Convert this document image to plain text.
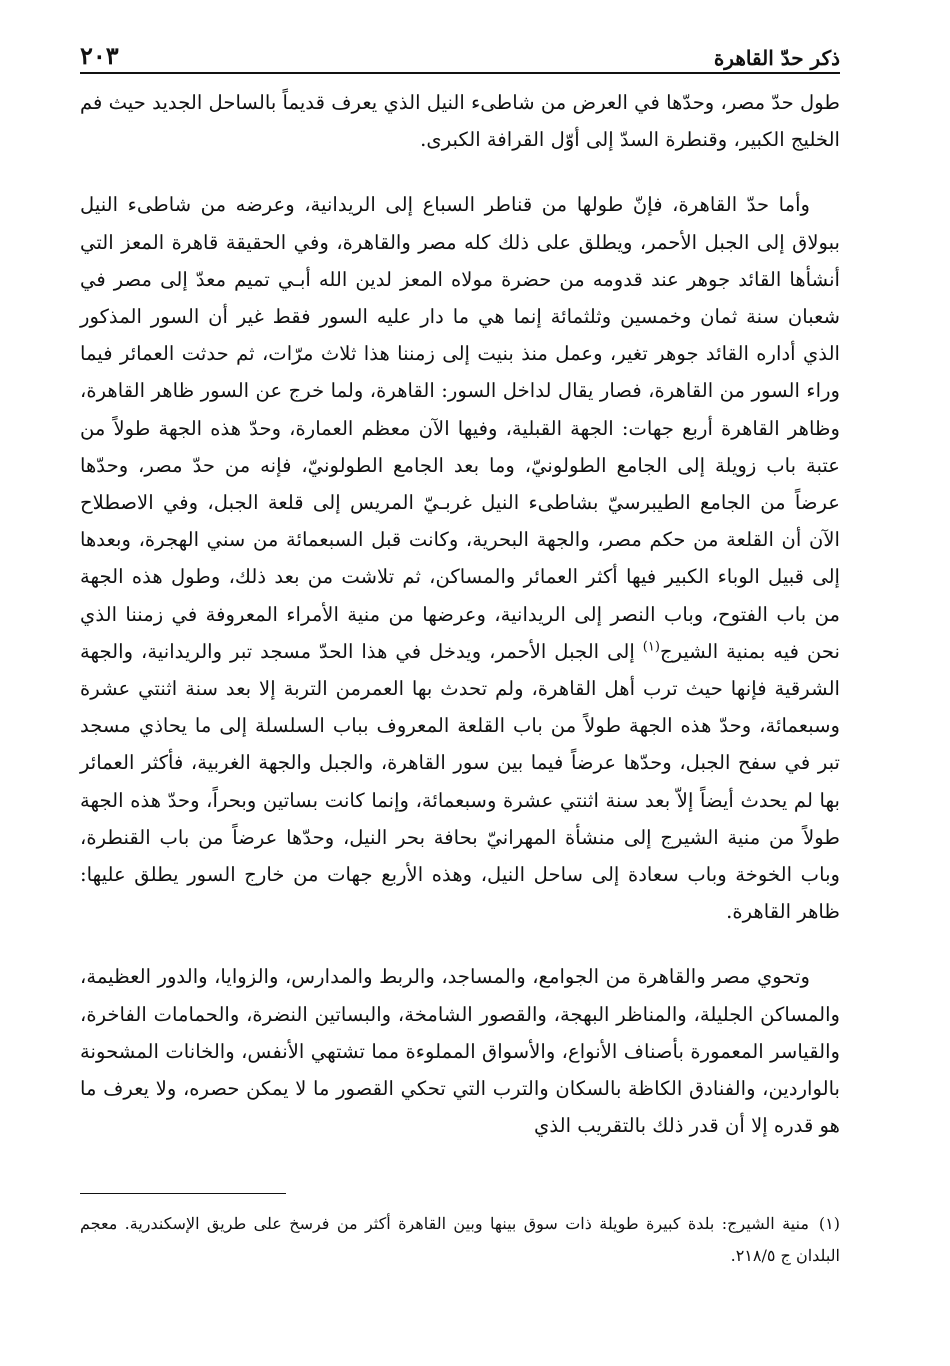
ذكر حدّ القاهرة
٢٠٣

طول حدّ مصر، وحدّها في العرض من شاطىء النيل الذي يعرف قديماً بالساحل الجديد حيث فم الخليج الكبير، وقنطرة السدّ إلى أوّل القرافة الكبرى.

وأما حدّ القاهرة، فإنّ طولها من قناطر السباع إلى الريدانية، وعرضه من شاطىء النيل ببولاق إلى الجبل الأحمر، ويطلق على ذلك كله مصر والقاهرة، وفي الحقيقة قاهرة المعز التي أنشأها القائد جوهر عند قدومه من حضرة مولاه المعز لدين الله أبـي تميم معدّ إلى مصر في شعبان سنة ثمان وخمسين وثلثمائة إنما هي ما دار عليه السور فقط غير أن السور المذكور الذي أداره القائد جوهر تغير، وعمل منذ بنيت إلى زمننا هذا ثلاث مرّات، ثم حدثت العمائر فيما وراء السور من القاهرة، فصار يقال لداخل السور: القاهرة، ولما خرج عن السور ظاهر القاهرة، وظاهر القاهرة أربع جهات: الجهة القبلية، وفيها الآن معظم العمارة، وحدّ هذه الجهة طولاً من عتبة باب زويلة إلى الجامع الطولونيّ، وما بعد الجامع الطولونيّ، فإنه من حدّ مصر، وحدّها عرضاً من الجامع الطيبرسيّ بشاطىء النيل غربـيّ المريس إلى قلعة الجبل، وفي الاصطلاح الآن أن القلعة من حكم مصر، والجهة البحرية، وكانت قبل السبعمائة من سني الهجرة، وبعدها إلى قبيل الوباء الكبير فيها أكثر العمائر والمساكن، ثم تلاشت من بعد ذلك، وطول هذه الجهة من باب الفتوح، وباب النصر إلى الريدانية، وعرضها من منية الأمراء المعروفة في زمننا الذي نحن فيه بمنية الشيرج$^{(١)}$ إلى الجبل الأحمر، ويدخل في هذا الحدّ مسجد تبر والريدانية، والجهة الشرقية فإنها حيث ترب أهل القاهرة، ولم تحدث بها العمرمن التربة إلا بعد سنة اثنتي عشرة وسبعمائة، وحدّ هذه الجهة طولاً من باب القلعة المعروف بباب السلسلة إلى ما يحاذي مسجد تبر في سفح الجبل، وحدّها عرضاً فيما بين سور القاهرة، والجبل والجهة الغربية، فأكثر العمائر بها لم يحدث أيضاً إلاّ بعد سنة اثنتي عشرة وسبعمائة، وإنما كانت بساتين وبحراً، وحدّ هذه الجهة طولاً من منية الشيرج إلى منشأة المهرانيّ بحافة بحر النيل، وحدّها عرضاً من باب القنطرة، وباب الخوخة وباب سعادة إلى ساحل النيل، وهذه الأربع جهات من خارج السور يطلق عليها: ظاهر القاهرة.

وتحوي مصر والقاهرة من الجوامع، والمساجد، والربط والمدارس، والزوايا، والدور العظيمة، والمساكن الجليلة، والمناظر البهجة، والقصور الشامخة، والبساتين النضرة، والحمامات الفاخرة، والقياسر المعمورة بأصناف الأنواع، والأسواق المملوءة مما تشتهي الأنفس، والخانات المشحونة بالواردين، والفنادق الكاظة بالسكان والترب التي تحكي القصور ما لا يمكن حصره، ولا يعرف ما هو قدره إلا أن قدر ذلك بالتقريب الذي

(١)منية الشيرج: بلدة كبيرة طويلة ذات سوق بينها وبين القاهرة أكثر من فرسخ على طريق الإسكندرية. معجم البلدان ج ٢١٨/٥.
